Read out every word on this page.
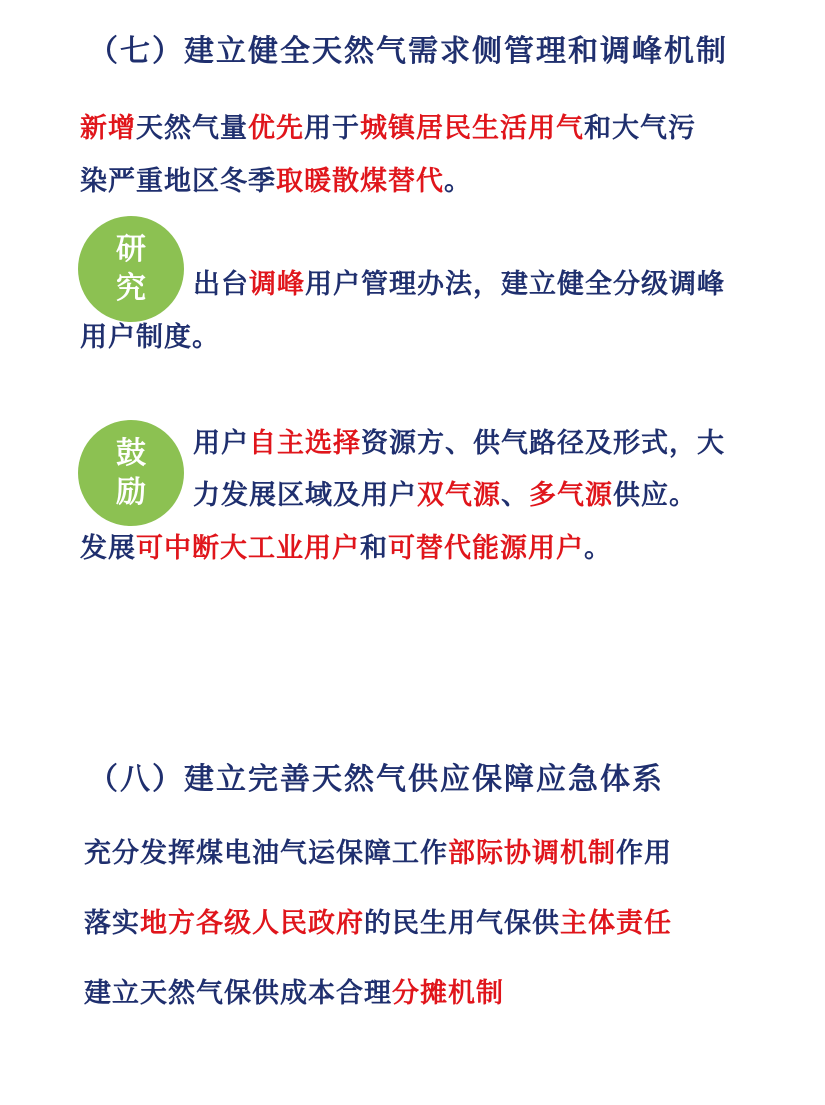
（七）建立健全天然气需求侧管理和调峰机制
新增天然气量优先用于城镇居民生活用气和大气污
染严重地区冬季取暖散煤替代。
研
究 出台调峰用户管理办法，建立健全分级调峰
用户制度。
鼓
励
用户自主选择资源方、供气路径及形式，大
力发展区域及用户双气源、多气源供应。
发展可中断大工业用户和可替代能源用户。
（八）建立完善天然气供应保障应急体系
充分发挥煤电油气运保障工作部际协调机制作用
落实地方各级人民政府的民生用气保供主体责任
建立天然气保供成本合理分摊机制
